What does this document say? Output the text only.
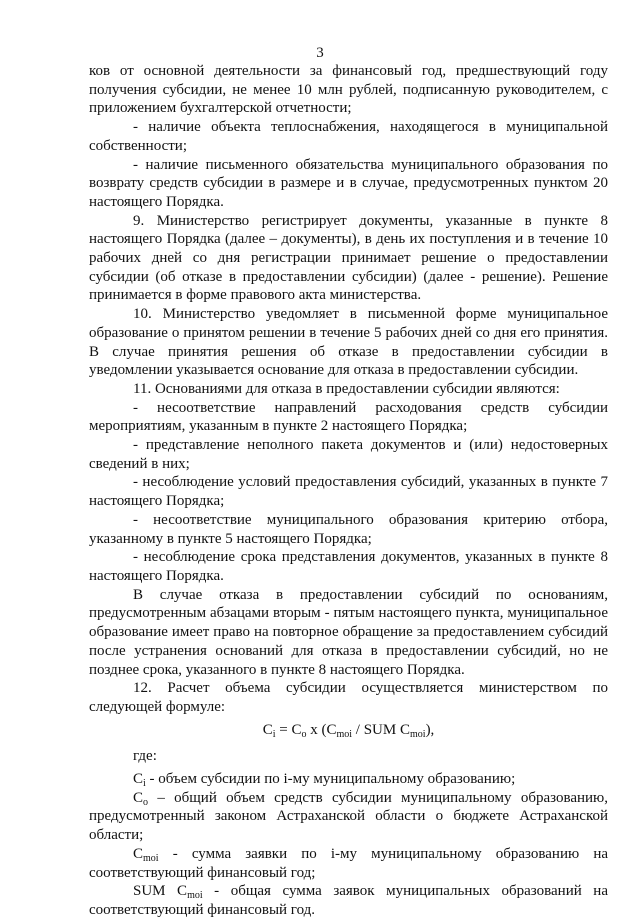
3

ков от основной деятельности за финансовый год, предшествующий году получения субсидии, не менее 10 млн рублей, подписанную руководителем, с приложением бухгалтерской отчетности;

- наличие объекта теплоснабжения, находящегося в муниципальной собственности;

- наличие письменного обязательства муниципального образования по возврату средств субсидии в размере и в случае, предусмотренных пунктом 20 настоящего Порядка.

9. Министерство регистрирует документы, указанные в пункте 8 настоящего Порядка (далее – документы), в день их поступления и в течение 10 рабочих дней со дня регистрации принимает решение о предоставлении субсидии (об отказе в предоставлении субсидии) (далее - решение). Решение принимается в форме правового акта министерства.

10. Министерство уведомляет в письменной форме муниципальное образование о принятом решении в течение 5 рабочих дней со дня его принятия. В случае принятия решения об отказе в предоставлении субсидии в уведомлении указывается основание для отказа в предоставлении субсидии.

11. Основаниями для отказа в предоставлении субсидии являются:

- несоответствие направлений расходования средств субсидии мероприятиям, указанным в пункте 2 настоящего Порядка;

- представление неполного пакета документов и (или) недостоверных сведений в них;

- несоблюдение условий предоставления субсидий, указанных в пункте 7 настоящего Порядка;

- несоответствие муниципального образования критерию отбора, указанному в пункте 5 настоящего Порядка;

- несоблюдение срока представления документов, указанных в пункте 8 настоящего Порядка.

В случае отказа в предоставлении субсидий по основаниям, предусмотренным абзацами вторым - пятым настоящего пункта, муниципальное образование имеет право на повторное обращение за предоставлением субсидий после устранения оснований для отказа в предоставлении субсидий, но не позднее срока, указанного в пункте 8 настоящего Порядка.

12. Расчет объема субсидии осуществляется министерством по следующей формуле:

$C_i = C_o$ x ($C_{moi}$ / SUM $C_{moi}$),

где:

$C_i$ - объем субсидии по i-му муниципальному образованию;

$C_o$ – общий объем средств субсидии муниципальному образованию, предусмотренный законом Астраханской области о бюджете Астраханской области;

$C_{moi}$ - сумма заявки по i-му муниципальному образованию на соответствующий финансовый год;

SUM $C_{moi}$ - общая сумма заявок муниципальных образований на соответствующий финансовый год.
